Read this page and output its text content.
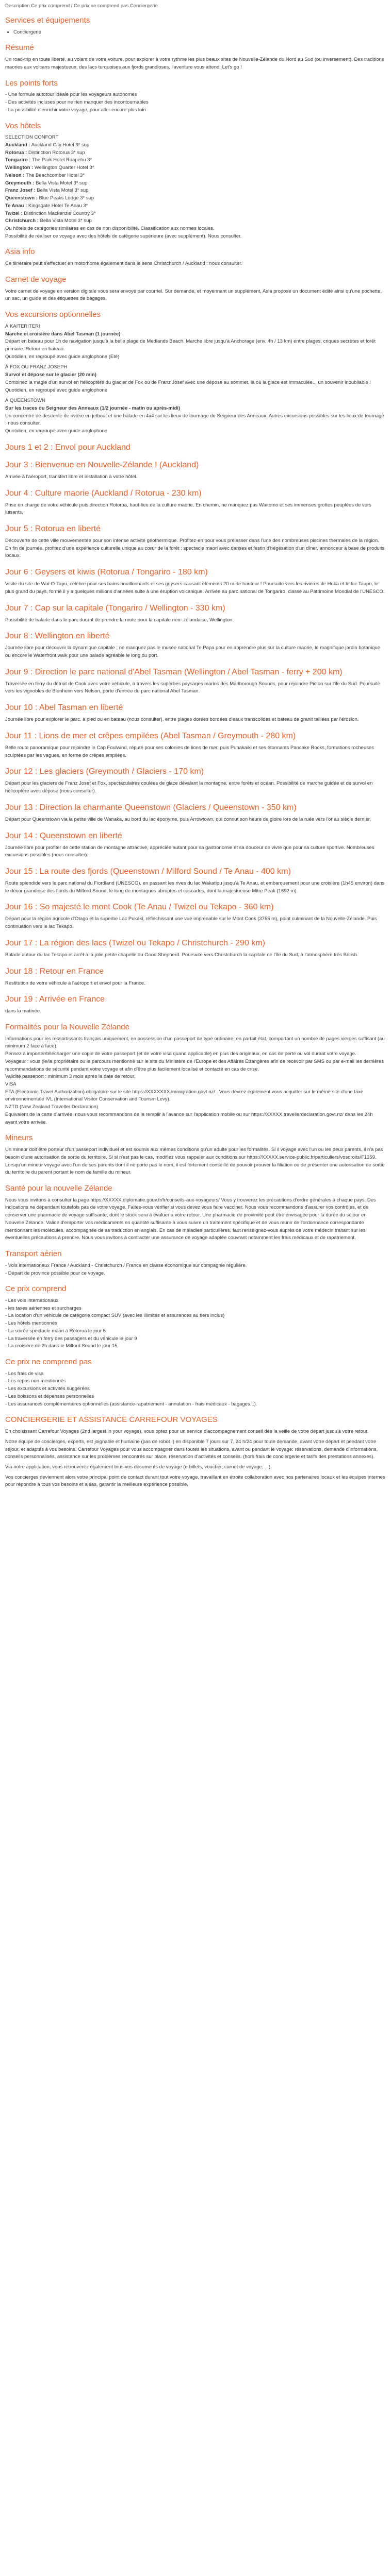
Description Ce prix comprend / Ce prix ne comprend pas Conciergerie
Services et équipements
• Conciergerie
Résumé

Un road-trip en toute liberté, au volant de votre voiture, pour explorer à votre rythme les plus beaux sites de Nouvelle-Zélande du Nord au Sud (ou inversement). Des traditions maories aux volcans majestueux, des lacs turquoises aux fjords grandioses, l'aventure vous attend. Let's go !

Les points forts
- Une formule autotour idéale pour les voyageurs autonomes
- Des activités incluses pour ne rien manquer des incontournables
- La possibilité d'enrichir votre voyage, pour aller encore plus loin
Vos hôtels
SELECTION CONFORT
Auckland : Auckland City Hotel 3* sup
Rotorua : Distinction Rotorua 3* sup
Tongariro : The Park Hotel Ruapehu 3*
Wellington : Wellington Quarter Hotel 3*
Nelson : The Beachcomber Hotel 3*
Greymouth : Bella Vista Motel 3* sup
Franz Josef : Bella Vista Motel 3* sup
Queenstown : Blue Peaks Lodge 3* sup
Te Anau : Kingsgate Hotel Te Anau 3*
Twizel : Distinction Mackenzie Country 3*
Christchurch : Bella Vista Motel 3* sup
Ou hôtels de catégories similaires en cas de non disponibilité. Classification aux normes locales.
Possibilité de réaliser ce voyage avec des hôtels de catégorie supérieure (avec supplément). Nous consulter.
Asia info

Ce tiinéraire peut s'effectuer en motorhome également dans le sens Christchurch / Auckland : nous consulter.

Carnet de voyage

Votre carnet de voyage en version digitale vous sera envoyé par courriel. Sur demande, et moyennant un supplément, Asia propose un document édité ainsi qu'une pochette, un sac, un guide et des étiquettes de bagages.

Vos excursions optionnelles
À KAITERITERI
Marche et croisière dans Abel Tasman (1 journée)
Départ en bateau pour 1h de navigation jusqu'à la belle plage de Medlands Beach. Marche libre jusqu'à Anchorage (env. 4h / 13 km) entre plages, criques secrètes et forêt primaire. Retour en bateau.
Quotidien, en regroupé avec guide anglophone (Eté)
À FOX OU FRANZ JOSEPH
Survol et dépose sur le glacier (20 min)
Combinez la magie d'un survol en hélicoptère du glacier de Fox ou de Franz Josef avec une dépose au sommet, là où la glace est immaculée... un souvenir inoubliable !
Quotidien, en regroupé avec guide anglophone
À QUEENSTOWN
Sur les traces du Seigneur des Anneaux (1/2 journée - matin ou après-midi)
Un concentré de descente de rivière en jetboat et une balade en 4x4 sur les lieux de tournage du Seigneur des Anneaux. Autres excursions possibles sur les lieux de tournage : nous consulter.
Quotidien, en regroupé avec guide anglophone
Jours 1 et 2 : Envol pour Auckland
Jour 3 : Bienvenue en Nouvelle-Zélande ! (Auckland)

Arrivée à l'aéroport, transfert libre et installation à votre hôtel.

Jour 4 : Culture maorie (Auckland / Rotorua - 230 km)

Prise en charge de votre véhicule puis direction Rotorua, haut-lieu de la culture maorie. En chemin, ne manquez pas Waitomo et ses immenses grottes peuplées de vers luisants.

Jour 5 : Rotorua en liberté

Découverte de cette ville mouvementée pour son intense activité géothermique. Profitez-en pour vous prélasser dans l'une des nombreuses piscines thermales de la région. En fin de journée, profitez d'une expérience culturelle unique au cœur de la forêt : spectacle maori avec danses et festin d'hégésation d'un dîner. annonceur à base de produits locaux.

Jour 6 : Geysers et kiwis (Rotorua / Tongariro - 180 km)

Visite du site de Wai-O-Tapu, célèbre pour ses bains bouillonnants et ses geysers causant éléments 20 m de hauteur ! Poursuite vers les rivières de Huka et le lac Taupo, le plus grand du pays, formé il y a quelques millions d'années suite à une éruption volcanique. Arrivée au parc national de Tongariro, classé au Patrimoine Mondial de l'UNESCO.

Jour 7 : Cap sur la capitale (Tongariro / Wellington - 330 km)

Possibilité de balade dans le parc durant de prendre la route pour la capitale néo- zélandaise, Wellington.

Jour 8 : Wellington en liberté

Journée libre pour découvrir la dynamique capitale ; ne manquez pas le musée national Te Papa pour en apprendre plus sur la culture maorie, le magnifique jardin botanique ou encore le Waterfront walk pour une balade agréable le long du port.

Jour 9 : Direction le parc national d'Abel Tasman (Wellington / Abel Tasman - ferry + 200 km)

Traversée en ferry du détroit de Cook avec votre véhicule, à travers les superbes paysages marins des Marlborough Sounds, pour rejoindre Picton sur l'île du Sud. Poursuite vers les vignobles de Blenheim vers Nelson, porte d'entrée du parc national Abel Tasman.

Jour 10 : Abel Tasman en liberté

Journée libre pour explorer le parc, à pied ou en bateau (nous consulter), entre plages dorées bordées d'eaux transcolides et bateau de granit taillées par l'érosion.

Jour 11 : Lions de mer et crêpes empilées (Abel Tasman / Greymouth - 280 km)

Belle route panoramique pour rejoindre le Cap Foulwind, réputé pour ses colonies de lions de mer, puis Punakaiki et ses étonnants Pancake Rocks, formations rocheuses sculptées par les vagues, en forme de crêpes empilées.

Jour 12 : Les glaciers (Greymouth / Glaciers - 170 km)

Départ pour les glaciers de Franz Josef et Fox, spectaculaires coulées de glace dévalant la montagne, entre forêts et océan. Possibilité de marche guidée et de survol en hélicoptère avec dépose (nous consulter).

Jour 13 : Direction la charmante Queenstown (Glaciers / Queenstown - 350 km)

Départ pour Queenstown via la petite ville de Wanaka, au bord du lac éponyme, puis Arrowtown, qui connut son heure de gloire lors de la ruée vers l'or au siècle dernier.

Jour 14 : Queenstown en liberté

Journée libre pour profiter de cette station de montagne attractive, appréciée autant pour sa gastronomie et sa douceur de vivre que pour sa culture sportive. Nombreuses excursions possibles (nous consulter).

Jour 15 : La route des fjords (Queenstown / Milford Sound / Te Anau - 400 km)

Route splendide vers le parc national du Fiordland (UNESCO), en passant les rives du lac Wakatipu jusqu'à Te Anau, et embarquement pour une croisière (1h45 environ) dans le décor grandiose des fjords du Milford Sound, le long de montagnes abruptes et cascades, dont la majestueuse Mitre Peak (1692 m).

Jour 16 : So majesté le mont Cook (Te Anau / Twizel ou Tekapo - 360 km)

Départ pour la région agricole d'Otago et la superbe Lac Pukaki, réfléchissant une vue imprenable sur le Mont Cook (3755 m), point culminant de la Nouvelle-Zélande. Puis continuation vers le lac Tekapo.

Jour 17 : La région des lacs (Twizel ou Tekapo / Christchurch - 290 km)

Balade autour du lac Tekapo et arrêt à la jolie petite chapelle du Good Shepherd. Poursuite vers Christchurch la capitale de l'île du Sud, à l'atmosphère très British.

Jour 18 : Retour en France

Restitution de votre véhicule à l'aéroport et envol pour la France.

Jour 19 : Arrivée en France

dans la matinée.

Formalités pour la Nouvelle Zélande
Informations pour les ressortissants français uniquement, en possession d'un passeport de type ordinaire, en parfait état, comportant un nombre de pages vierges suffisant (au minimum 2 face à face).
Pensez à importer/télécharger une copie de votre passeport (et de votre visa quand applicable) en plus des originaux, en cas de perte ou vol durant votre voyage.
Voyageur : vous (le/la propriétaire ou le parcours mentionné sur le site du Ministère de l'Europe et des Affaires Étrangères afin de recevoir par SMS ou par e-mail les dernières recommandations de sécurité pendant votre voyage et afin d'être plus facilement localisé et contacté en cas de crise.
Validité passeport : minimum 3 mois après la date de retour.
VISA
ETA (Electronic Travel Authorization) obligatoire sur le site https://XXXXXXX.immigration.govt.nz/ . Vous devrez également vous acquitter sur le même site d'une taxe environnementale IVL (International Visitor Conservation and Tourism Levy).
NZTD (New Zealand Traveller Declaration)
Equivalent de la carte d'arrivée, nous vous recommandons de la remplir à l'avance sur l'application mobile ou sur https://XXXXX.travellerdeclaration.govt.nz/ dans les 24h avant votre arrivée.
Mineurs

Un mineur doit être porteur d'un passeport individuel et est soumis aux mêmes conditions qu'un adulte pour les formalités. Si il voyage avec l'un ou les deux parents, il n'a pas besoin d'une autorisation de sortie du territoire. Si si n'est pas le cas, modifiez vous rappeler aux conditions sur https://XXXXX.service-public.fr/particuliers/vosdroits/F1359. Lorsqu'un mineur voyage avec l'un de ses parents dont il ne porte pas le nom, il est fortement conseillé de pouvoir prouver la filiation ou de présenter une autorisation de sortie du territoire du parent portant le nom de famille du mineur.

Santé pour la nouvelle Zélande

Nous vous invitons à consulter la page https://XXXXX.diplomatie.gouv.fr/fr/conseils-aux-voyageurs/ Vous y trouverez les précautions d'ordre générales à chaque pays. Des indications ne dépendant toutefois pas de votre voyage. Faites-vous vérifier si vous devez vous faire vacciner. Nous vous recommandons d'assurer vos contrôles, et de conserver une pharmacie de voyage suffisante, dont le stock sera à évaluer à votre retour. Une pharmacie de proximité peut être envisagée pour la durée du séjour en Nouvelle Zélande. Valide d'emporter vos médicaments en quantité suffisante à vous suivre un traitement spécifique et de vous munir de l'ordonnance correspondante mentionnant les molécules, accompagnée de sa traduction en anglais. En cas de maladies particulières, faut renseignez-vous auprès de votre médecin traitant sur les éventuelles précautions à prendre. Nous vous invitons à contracter une assurance de voyage adaptée couvrant notamment les frais médicaux et de rapatriement.

Transport aérien
- Vols internationaux France / Auckland - Christchurch / France en classe économique sur compagnie régulière.
- Départ de province possible pour ce voyage.
Ce prix comprend
- Les vols internationaux
- les taxes aériennes et surcharges
- La location d'un véhicule de catégorie compact SUV (avec les illimités et assurances au tiers inclus)
- Les hôtels mentionnés
- La soirée spectacle maori à Rotorua le jour 5
- La traversée en ferry des passagers et du véhicule le jour 9
- La croisière de 2h dans le Milford Sound le jour 15
Ce prix ne comprend pas
- Les frais de visa
- Les repas non mentionnés
- Les excursions et activités suggérées
- Les boissons et dépenses personnelles
- Les assurances complémentaires optionnelles (assistance-rapatriement - annulation - frais médicaux - bagages...).
CONCIERGERIE ET ASSISTANCE CARREFOUR VOYAGES

En choisissant Carrefour Voyages (2nd largest in your voyage), vous optez pour un service d'accompagnement conseil dès la veille de votre départ jusqu'à votre retour.

Notre équipe de concierges, experts, est joignable et humaine (pas de robot !) en disponible 7 jours sur 7, 24 h/24 pour toute demande, avant votre départ et pendant votre séjour, et adaptés à vos besoins. Carrefour Voyages pour vous accompagner dans toutes les situations, avant ou pendant le voyage: réservations, demande d'informations, conseils personnalisés, assistance sur les problèmes rencontrés sur place, réservation d'activités et conseils. (hors frais de conciergerie et tarifs des prestations annexes).

Via notre application, vous retrouverez également tous vos documents de voyage (e-billets, voucher, carnet de voyage, ...).

Vos concierges deviennent alors votre principal point de contact durant tout votre voyage, travaillant en étroite collaboration avec nos partenaires locaux et les équipes internes pour répondre à tous vos besoins et aléas, garantir la meilleure expérience possible.
